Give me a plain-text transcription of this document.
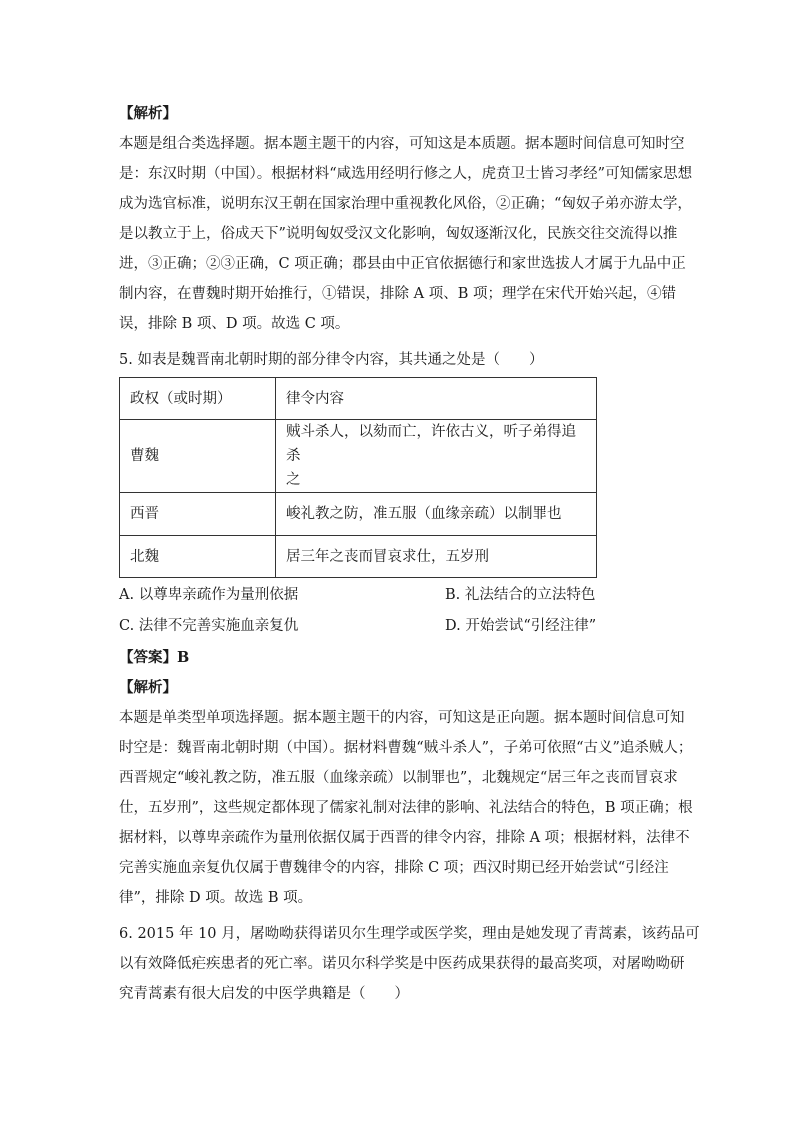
【解析】
本题是组合类选择题。据本题主题干的内容，可知这是本质题。据本题时间信息可知时空
是：东汉时期（中国）。根据材料“咸选用经明行修之人，虎贲卫士皆习孝经”可知儒家思想
成为选官标准，说明东汉王朝在国家治理中重视教化风俗，②正确；“匈奴子弟亦游太学，
是以教立于上，俗成天下”说明匈奴受汉文化影响，匈奴逐渐汉化，民族交往交流得以推
进，③正确；②③正确，C 项正确；郡县由中正官依据德行和家世选拔人才属于九品中正
制内容，在曹魏时期开始推行，①错误，排除 A 项、B 项；理学在宋代开始兴起，④错
误，排除 B 项、D 项。故选 C 项。
5. 如表是魏晋南北朝时期的部分律令内容，其共通之处是（　　）
政权（或时期）	律令内容
曹魏	贼斗杀人，以劾而亡，许依古义，听子弟得追杀
之

西晋	峻礼教之防，准五服（血缘亲疏）以制罪也
北魏	居三年之丧而冒哀求仕，五岁刑
A. 以尊卑亲疏作为量刑依据	B. 礼法结合的立法特色
C. 法律不完善实施血亲复仇	D. 开始尝试“引经注律”
【答案】B
【解析】
本题是单类型单项选择题。据本题主题干的内容，可知这是正向题。据本题时间信息可知
时空是：魏晋南北朝时期（中国）。据材料曹魏“贼斗杀人”，子弟可依照“古义”追杀贼人；
西晋规定“峻礼教之防，准五服（血缘亲疏）以制罪也”，北魏规定“居三年之丧而冒哀求
仕，五岁刑”，这些规定都体现了儒家礼制对法律的影响、礼法结合的特色，B 项正确；根
据材料，以尊卑亲疏作为量刑依据仅属于西晋的律令内容，排除 A 项；根据材料，法律不
完善实施血亲复仇仅属于曹魏律令的内容，排除 C 项；西汉时期已经开始尝试“引经注
律”，排除 D 项。故选 B 项。
6. 2015 年 10 月，屠呦呦获得诺贝尔生理学或医学奖，理由是她发现了青蒿素，该药品可
以有效降低疟疾患者的死亡率。诺贝尔科学奖是中医药成果获得的最高奖项，对屠呦呦研
究青蒿素有很大启发的中医学典籍是（　　）
